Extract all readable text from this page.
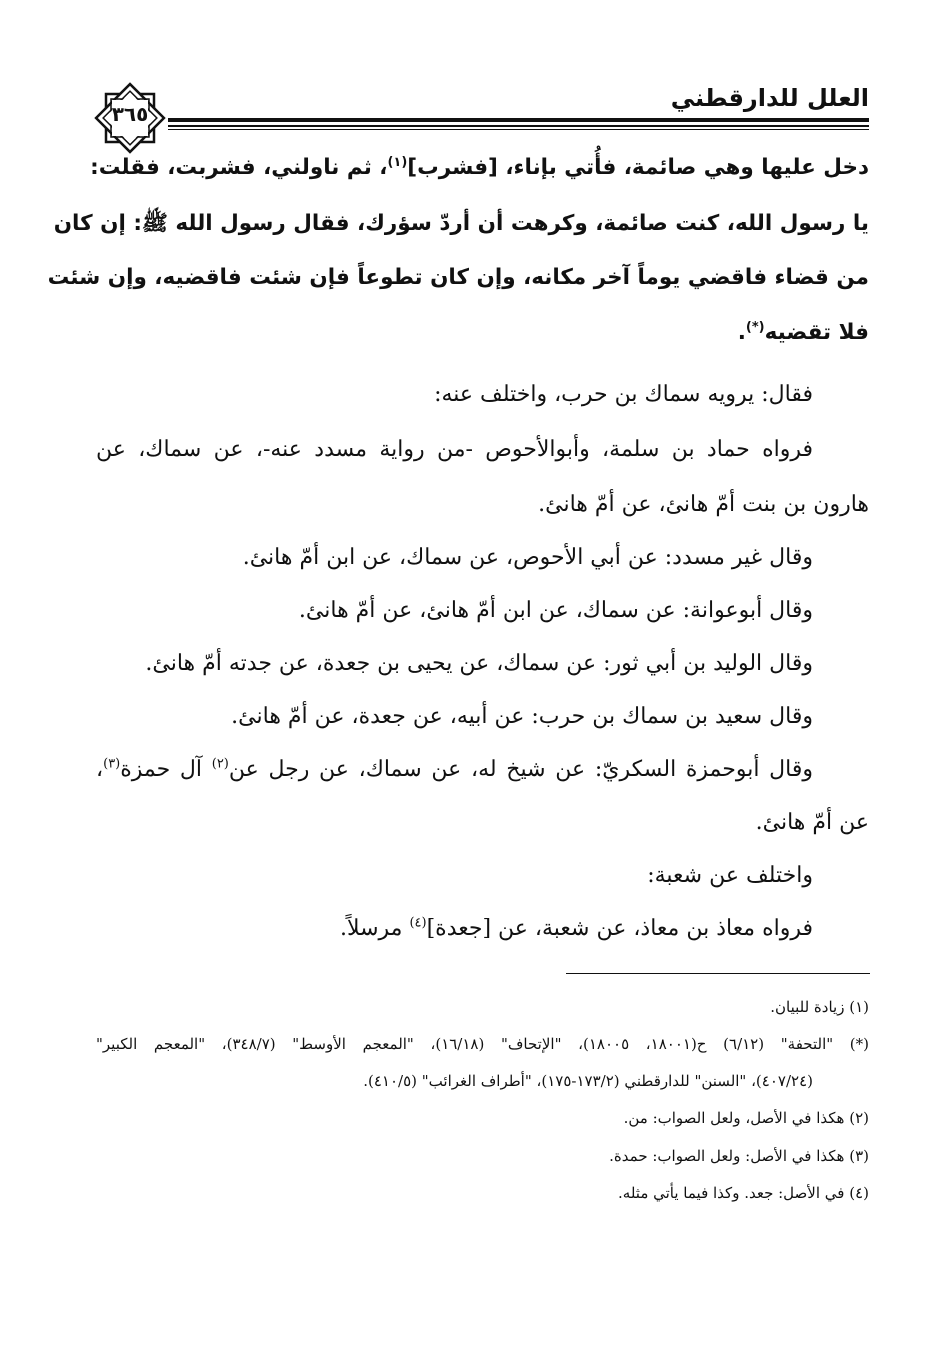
العلل للدارقطني
٣٦٥
دخل عليها وهي صائمة، فأُتي بإناء، [فشرب]$^{(١)}$، ثم ناولني، فشربت، فقلت:
يا رسول الله، كنت صائمة، وكرهت أن أردّ سؤرك، فقال رسول الله ﷺ: إن كان
من قضاء فاقضي يوماً آخر مكانه، وإن كان تطوعاً فإن شئت فاقضيه، وإن شئت
فلا تقضيه(*).
فقال: يرويه سماك بن حرب، واختلف عنه:
فرواه حماد بن سلمة، وأبوالأحوص -من رواية مسدد عنه-، عن سماك، عن
هارون بن بنت أمّ هانئ، عن أمّ هانئ.
وقال غير مسدد: عن أبي الأحوص، عن سماك، عن ابن أمّ هانئ.
وقال أبوعوانة: عن سماك، عن ابن أمّ هانئ، عن أمّ هانئ.
وقال الوليد بن أبي ثور: عن سماك، عن يحيى بن جعدة، عن جدته أمّ هانئ.
وقال سعيد بن سماك بن حرب: عن أبيه، عن جعدة، عن أمّ هانئ.
وقال أبوحمزة السكريّ: عن شيخ له، عن سماك، عن رجل عن$^{(٢)}$ آل حمزة$^{(٣)}$،
عن أمّ هانئ.
واختلف عن شعبة:
فرواه معاذ بن معاذ، عن شعبة، عن [جعدة]$^{(٤)}$ مرسلاً.
(١) زيادة للبيان.
(*) "التحفة" (٦/١٢) ح(١٨٠٠١، ١٨٠٠٥)، "الإتحاف" (١٦/١٨)، "المعجم الأوسط" (٣٤٨/٧)، "المعجم الكبير"
(٤٠٧/٢٤)، "السنن" للدارقطني (١٧٣/٢-١٧٥)، "أطراف الغرائب" (٤١٠/٥).
(٢) هكذا في الأصل، ولعل الصواب: من.
(٣) هكذا في الأصل: ولعل الصواب: حمدة.
(٤) في الأصل: جعد. وكذا فيما يأتي مثله.
